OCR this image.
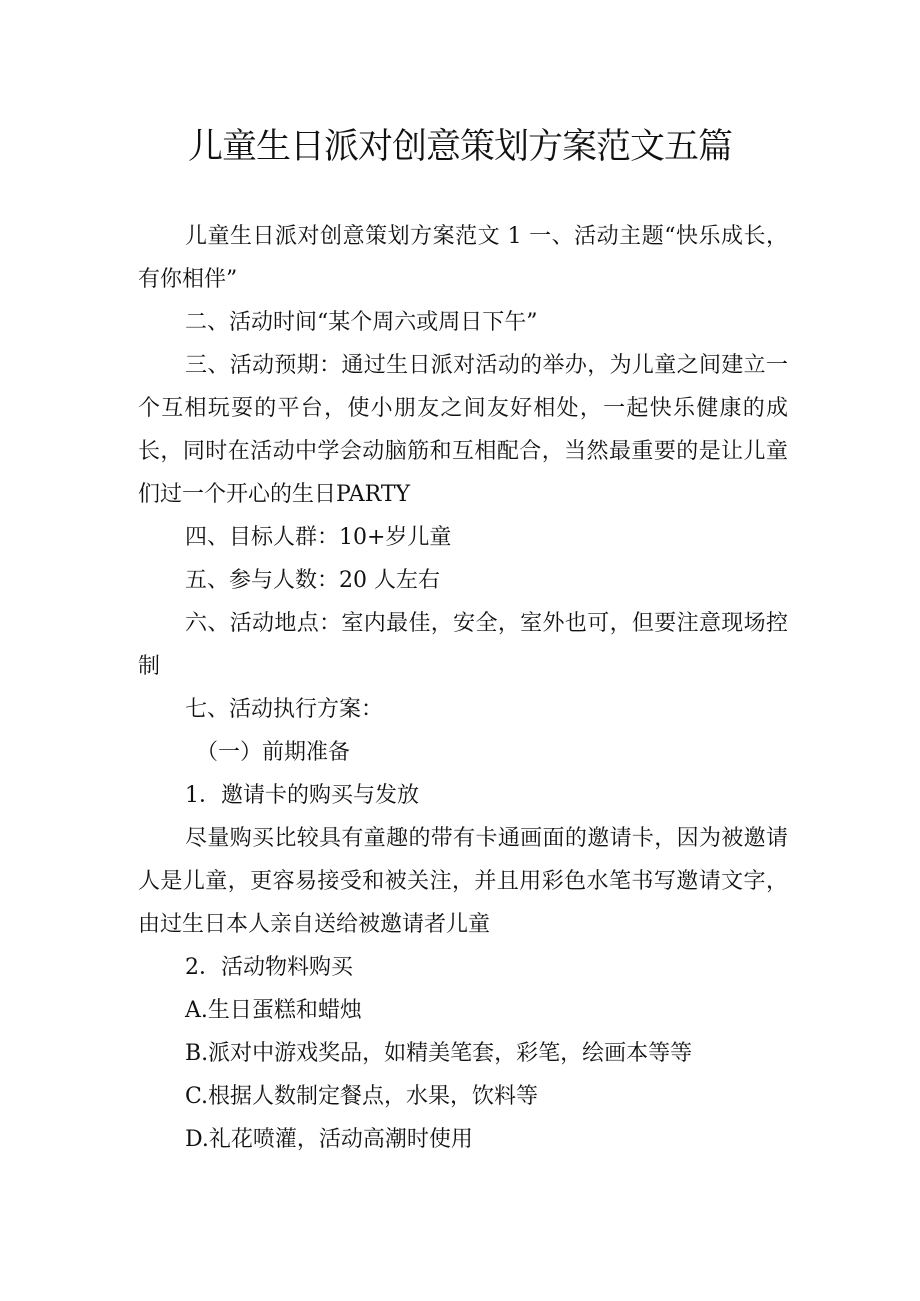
儿童生日派对创意策划方案范文五篇

儿童生日派对创意策划方案范文 1 一、活动主题“快乐成长，有你相伴”

二、活动时间“某个周六或周日下午”

三、活动预期：通过生日派对活动的举办，为儿童之间建立一个互相玩耍的平台，使小朋友之间友好相处，一起快乐健康的成长，同时在活动中学会动脑筋和互相配合，当然最重要的是让儿童们过一个开心的生日PARTY

四、目标人群：10+岁儿童

五、参与人数：20 人左右

六、活动地点：室内最佳，安全，室外也可，但要注意现场控制

七、活动执行方案：

（一）前期准备

1．邀请卡的购买与发放

尽量购买比较具有童趣的带有卡通画面的邀请卡，因为被邀请人是儿童，更容易接受和被关注，并且用彩色水笔书写邀请文字，由过生日本人亲自送给被邀请者儿童

2．活动物料购买

A.生日蛋糕和蜡烛

B.派对中游戏奖品，如精美笔套，彩笔，绘画本等等

C.根据人数制定餐点，水果，饮料等

D.礼花喷灌，活动高潮时使用
